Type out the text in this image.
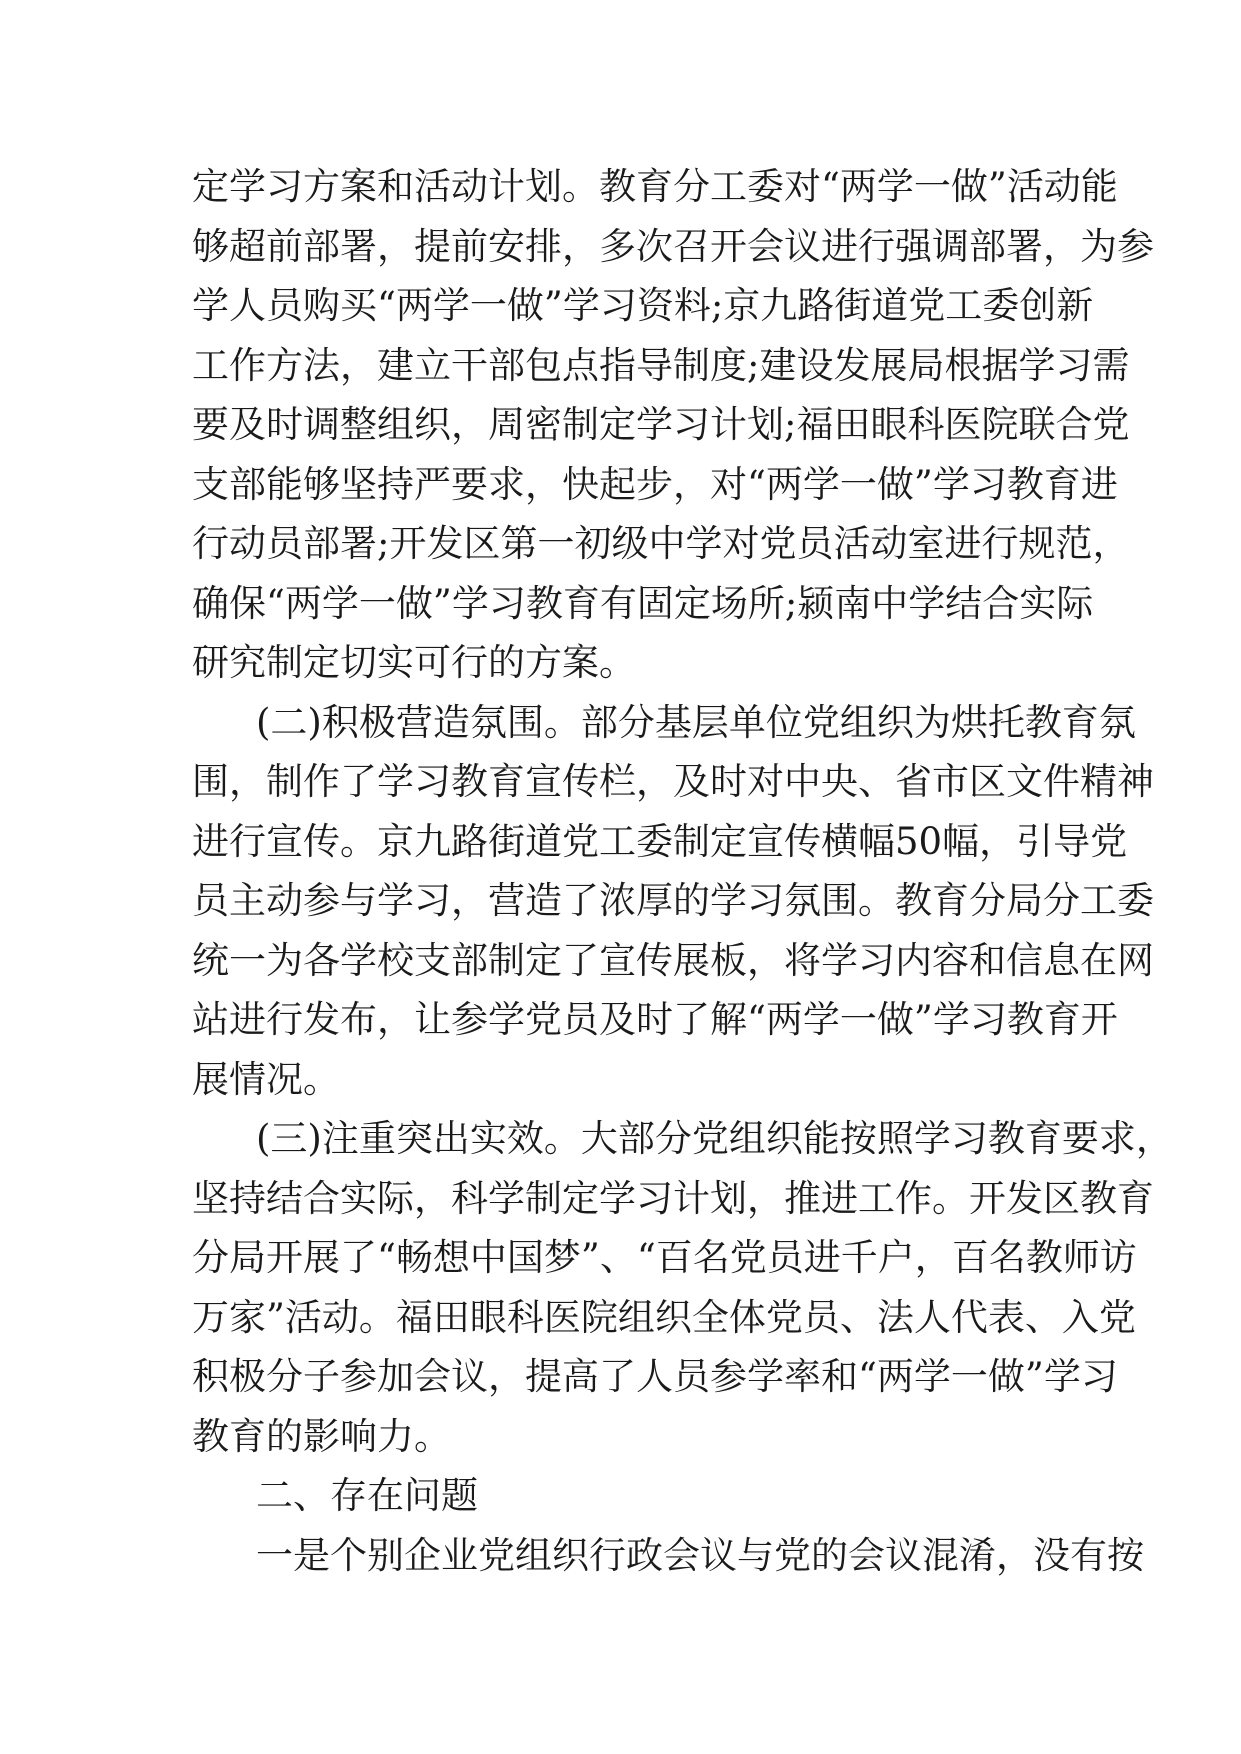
定学习方案和活动计划。教育分工委对“两学一做”活动能
够超前部署，提前安排，多次召开会议进行强调部署，为参
学人员购买“两学一做”学习资料;京九路街道党工委创新
工作方法，建立干部包点指导制度;建设发展局根据学习需
要及时调整组织，周密制定学习计划;福田眼科医院联合党
支部能够坚持严要求，快起步，对“两学一做”学习教育进
行动员部署;开发区第一初级中学对党员活动室进行规范，
确保“两学一做”学习教育有固定场所;颍南中学结合实际
研究制定切实可行的方案。
(二)积极营造氛围。部分基层单位党组织为烘托教育氛
围，制作了学习教育宣传栏，及时对中央、省市区文件精神
进行宣传。京九路街道党工委制定宣传横幅50幅，引导党
员主动参与学习，营造了浓厚的学习氛围。教育分局分工委
统一为各学校支部制定了宣传展板，将学习内容和信息在网
站进行发布，让参学党员及时了解“两学一做”学习教育开
展情况。
(三)注重突出实效。大部分党组织能按照学习教育要求，
坚持结合实际，科学制定学习计划，推进工作。开发区教育
分局开展了“畅想中国梦”、“百名党员进千户，百名教师访
万家”活动。福田眼科医院组织全体党员、法人代表、入党
积极分子参加会议，提高了人员参学率和“两学一做”学习
教育的影响力。
二、存在问题
一是个别企业党组织行政会议与党的会议混淆，没有按
